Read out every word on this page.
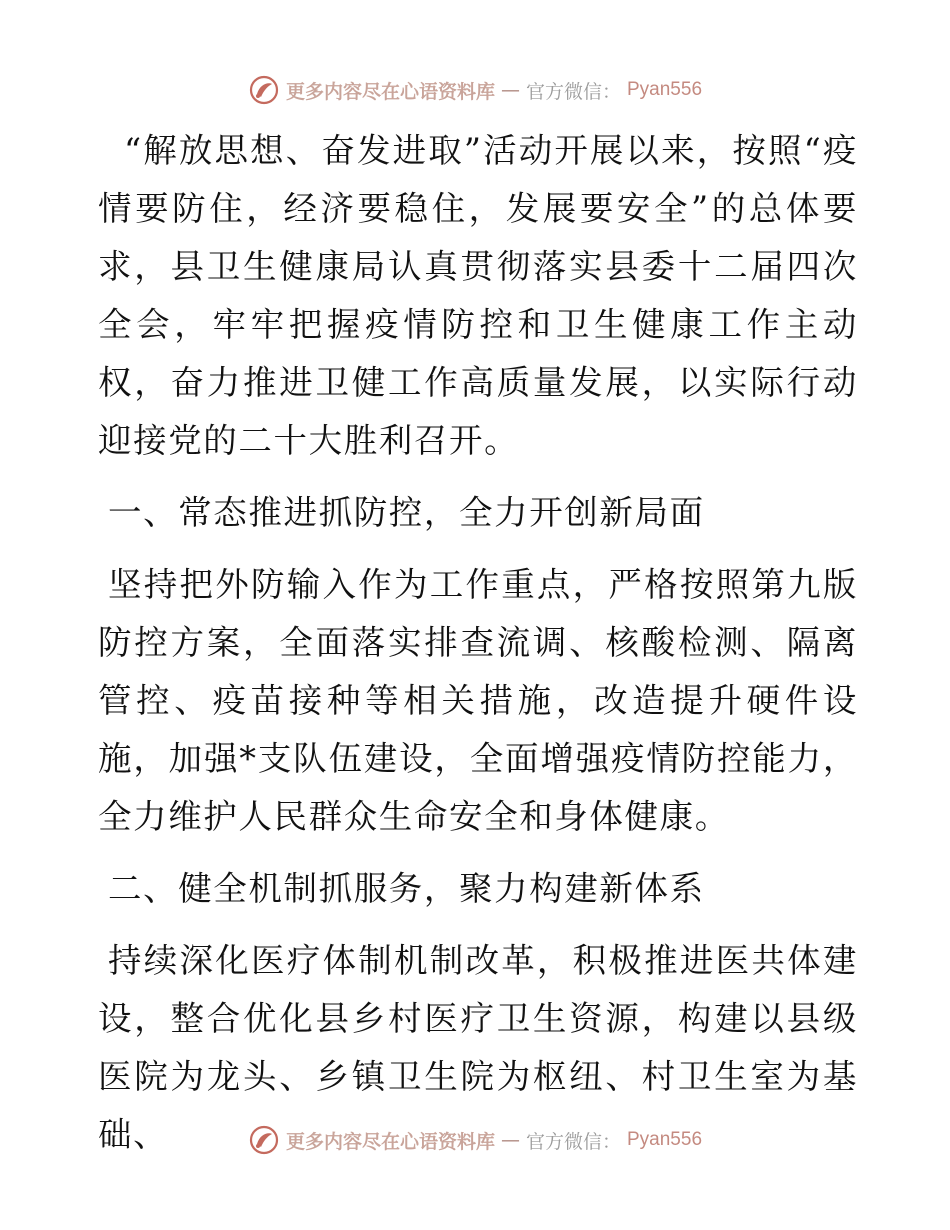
更多内容尽在心语资料库 — 官方微信： Pyan556

“解放思想、奋发进取”活动开展以来，按照“疫情要防住，经济要稳住，发展要安全”的总体要求，县卫生健康局认真贯彻落实县委十二届四次全会，牢牢把握疫情防控和卫生健康工作主动权，奋力推进卫健工作高质量发展，以实际行动迎接党的二十大胜利召开。

一、常态推进抓防控，全力开创新局面

坚持把外防输入作为工作重点，严格按照第九版防控方案，全面落实排查流调、核酸检测、隔离管控、疫苗接种等相关措施，改造提升硬件设施，加强*支队伍建设，全面增强疫情防控能力，全力维护人民群众生命安全和身体健康。

二、健全机制抓服务，聚力构建新体系

持续深化医疗体制机制改革，积极推进医共体建设，整合优化县乡村医疗卫生资源，构建以县级医院为龙头、乡镇卫生院为枢纽、村卫生室为基础、	更多内容尽在心语资料库 — 官方微信： Pyan556
